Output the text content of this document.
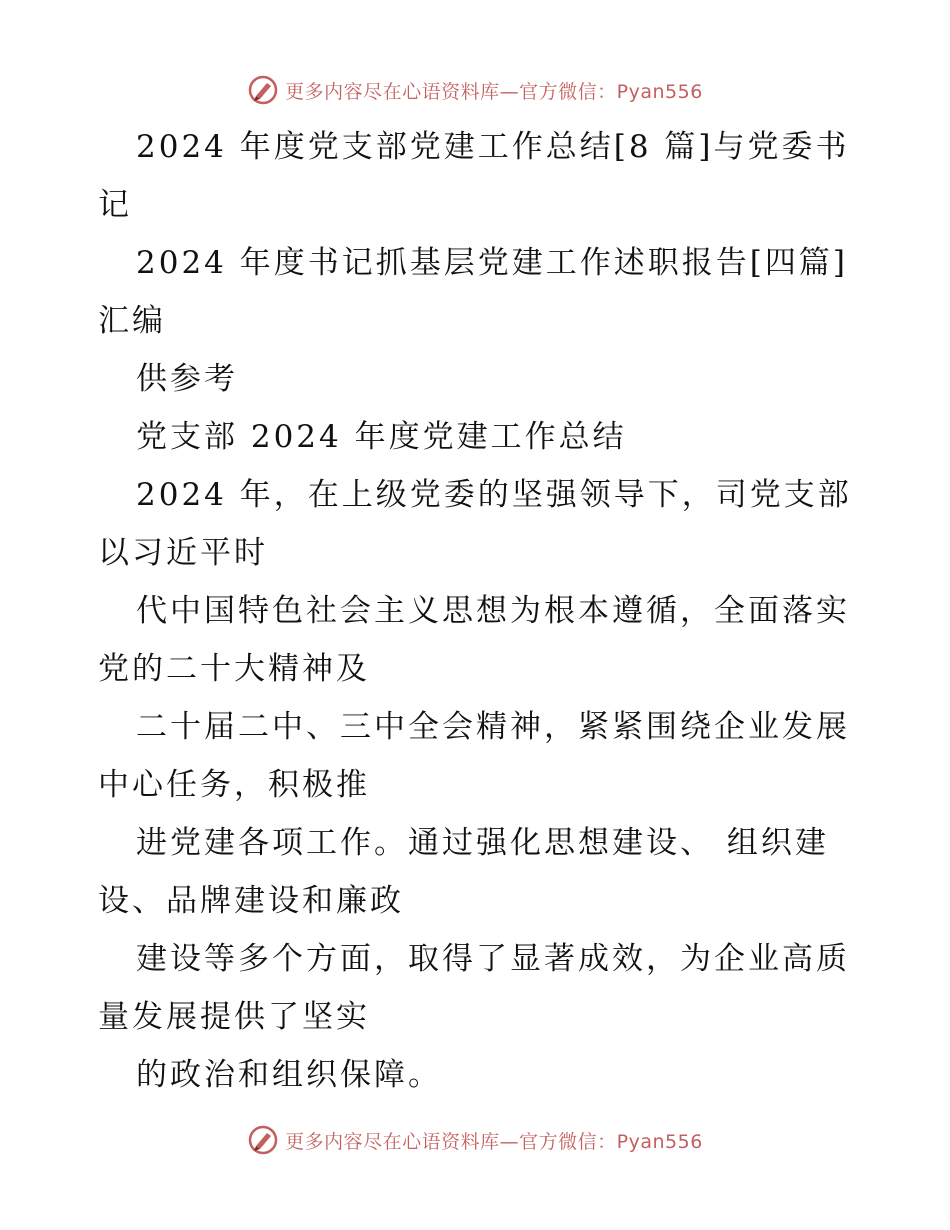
更多内容尽在心语资料库—官方微信：Pyan556
2024 年度党支部党建工作总结[8 篇]与党委书
记
2024 年度书记抓基层党建工作述职报告[四篇]
汇编
供参考
党支部 2024 年度党建工作总结
2024 年，在上级党委的坚强领导下，司党支部
以习近平时
代中国特色社会主义思想为根本遵循，全面落实
党的二十大精神及
二十届二中、三中全会精神，紧紧围绕企业发展
中心任务，积极推
进党建各项工作。通过强化思想建设、 组织建
设、品牌建设和廉政
建设等多个方面，取得了显著成效，为企业高质
量发展提供了坚实
的政治和组织保障。
更多内容尽在心语资料库—官方微信：Pyan556
